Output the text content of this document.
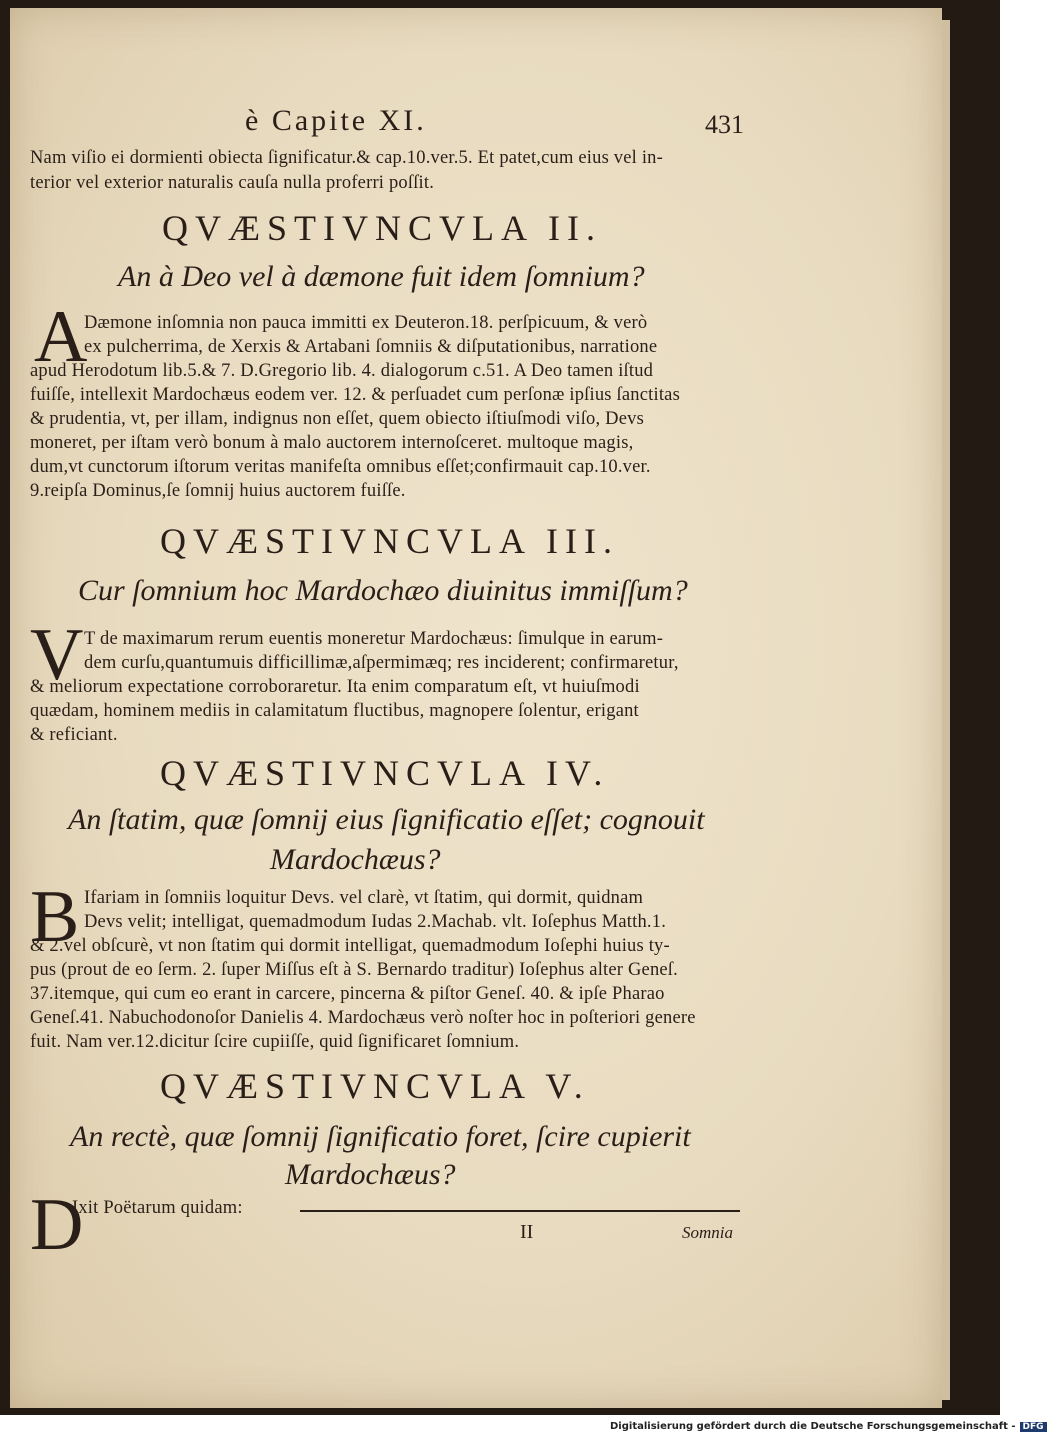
è Capite XI.	431
Nam viſio ei dormienti obiecta ſignificatur.& cap.10.ver.5. Et patet,cum eius vel in-
terior vel exterior naturalis cauſa nulla proferri poſſit.
QVÆSTIVNCVLA II.
An à Deo vel à dæmone fuit idem ſomnium?
A
Dæmone inſomnia non pauca immitti ex Deuteron.18. perſpicuum, & verò
ex pulcherrima, de Xerxis & Artabani ſomniis & diſputationibus, narratione
apud Herodotum lib.5.& 7. D.Gregorio lib. 4. dialogorum c.51. A Deo tamen iſtud
fuiſſe, intellexit Mardochæus eodem ver. 12. & perſuadet cum perſonæ ipſius ſanctitas
& prudentia, vt, per illam, indignus non eſſet, quem obiecto iſtiuſmodi viſo, Devs
moneret, per iſtam verò bonum à malo auctorem internoſceret. multoque magis,
dum,vt cunctorum iſtorum veritas manifeſta omnibus eſſet;confirmauit cap.10.ver.
9.reipſa Dominus,ſe ſomnij huius auctorem fuiſſe.
QVÆSTIVNCVLA III.
Cur ſomnium hoc Mardochæo diuinitus immiſſum?
V T de maximarum rerum euentis moneretur Mardochæus: ſimulque in earum-
dem curſu,quantumuis difficillimæ,aſpermimæq; res inciderent; confirmaretur,
& meliorum expectatione corroboraretur. Ita enim comparatum eſt, vt huiuſmodi
quædam, hominem mediis in calamitatum fluctibus, magnopere ſolentur, erigant
& reficiant.
QVÆSTIVNCVLA IV.
An ſtatim, quæ ſomnij eius ſignificatio eſſet; cognouit
Mardochæus?
B Ifariam in ſomniis loquitur Devs. vel clarè, vt ſtatim, qui dormit, quidnam
Devs velit; intelligat, quemadmodum Iudas 2.Machab. vlt. Ioſephus Matth.1.
& 2.vel obſcurè, vt non ſtatim qui dormit intelligat, quemadmodum Ioſephi huius ty-
pus (prout de eo ſerm. 2. ſuper Miſſus eſt à S. Bernardo traditur) Ioſephus alter Geneſ.
37.itemque, qui cum eo erant in carcere, pincerna & piſtor Geneſ. 40. & ipſe Pharao
Geneſ.41. Nabuchodonoſor Danielis 4. Mardochæus verò noſter hoc in poſteriori genere
fuit. Nam ver.12.dicitur ſcire cupiiſſe, quid ſignificaret ſomnium.
QVÆSTIVNCVLA V.
An rectè, quæ ſomnij ſignificatio foret, ſcire cupierit
Mardochæus?
D
Ixit Poëtarum quidam:
II	Somnia
Digitalisierung gefördert durch die Deutsche Forschungsgemeinschaft - DFG
